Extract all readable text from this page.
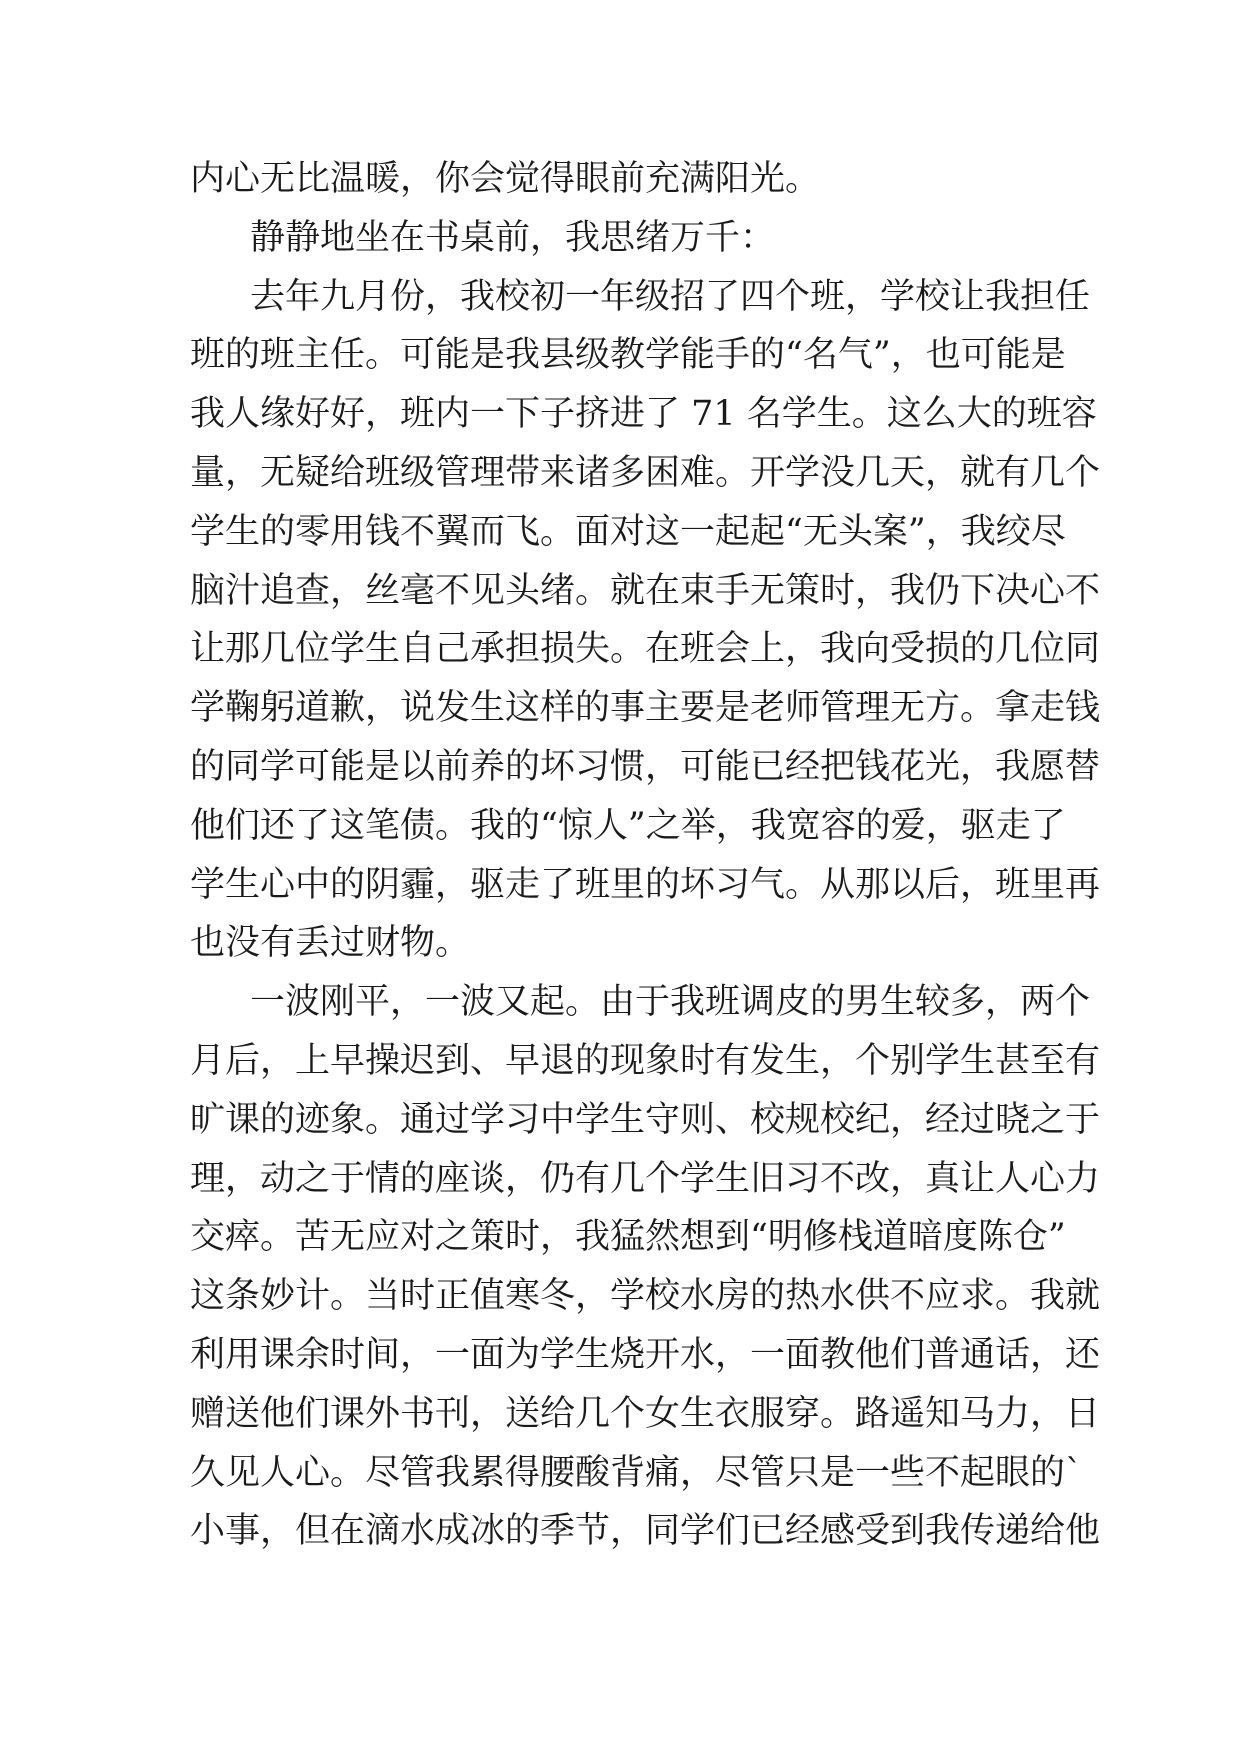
内心无比温暖，你会觉得眼前充满阳光。
静静地坐在书桌前，我思绪万千：
去年九月份，我校初一年级招了四个班，学校让我担任
班的班主任。可能是我县级教学能手的“名气”，也可能是
我人缘好好，班内一下子挤进了 71 名学生。这么大的班容
量，无疑给班级管理带来诸多困难。开学没几天，就有几个
学生的零用钱不翼而飞。面对这一起起“无头案”，我绞尽
脑汁追查，丝毫不见头绪。就在束手无策时，我仍下决心不
让那几位学生自己承担损失。在班会上，我向受损的几位同
学鞠躬道歉，说发生这样的事主要是老师管理无方。拿走钱
的同学可能是以前养的坏习惯，可能已经把钱花光，我愿替
他们还了这笔债。我的“惊人”之举，我宽容的爱，驱走了
学生心中的阴霾，驱走了班里的坏习气。从那以后，班里再
也没有丢过财物。
一波刚平，一波又起。由于我班调皮的男生较多，两个
月后，上早操迟到、早退的现象时有发生，个别学生甚至有
旷课的迹象。通过学习中学生守则、校规校纪，经过晓之于
理，动之于情的座谈，仍有几个学生旧习不改，真让人心力
交瘁。苦无应对之策时，我猛然想到“明修栈道暗度陈仓”
这条妙计。当时正值寒冬，学校水房的热水供不应求。我就
利用课余时间，一面为学生烧开水，一面教他们普通话，还
赠送他们课外书刊，送给几个女生衣服穿。路遥知马力，日
久见人心。尽管我累得腰酸背痛，尽管只是一些不起眼的`
小事，但在滴水成冰的季节，同学们已经感受到我传递给他
